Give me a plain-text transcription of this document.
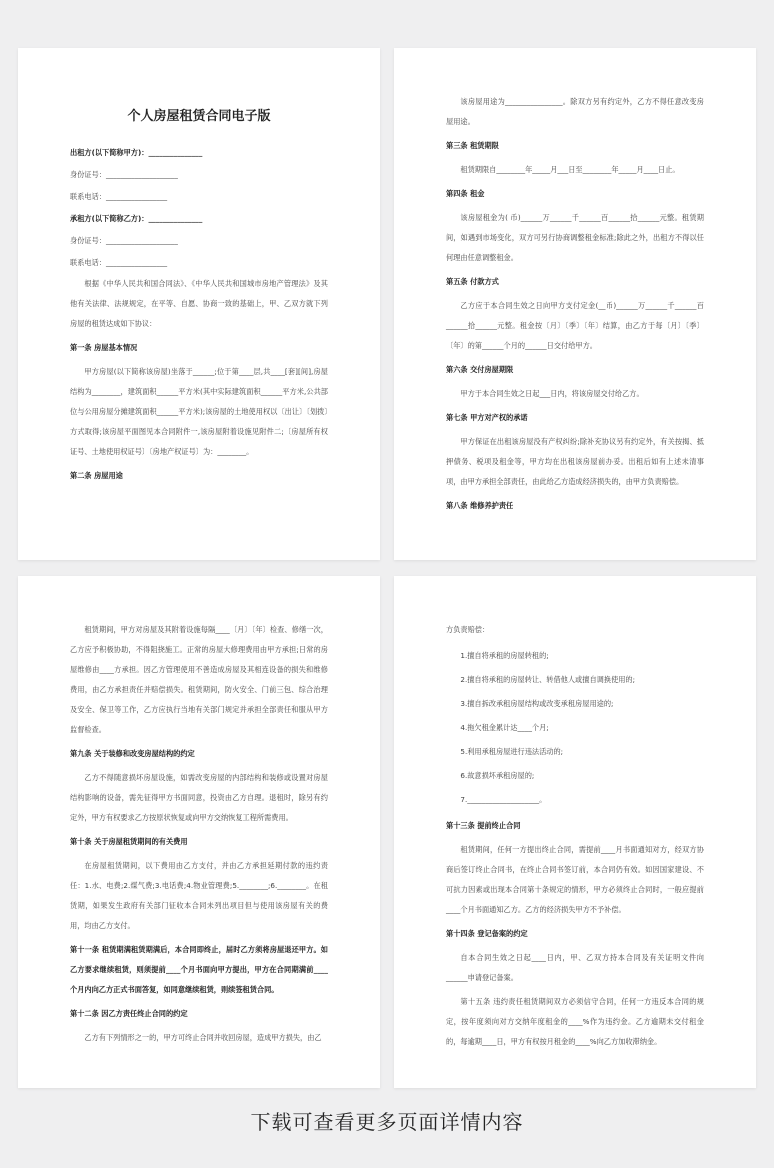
个人房屋租赁合同电子版
出租方(以下简称甲方)：_______________
身份证号：____________________
联系电话：_________________
承租方(以下简称乙方)：_______________
身份证号：____________________
联系电话：_________________
根据《中华人民共和国合同法》、《中华人民共和国城市房地产管理法》及其他有关法律、法规规定，在平等、自愿、协商一致的基础上，甲、乙双方就下列房屋的租赁达成如下协议：
第一条 房屋基本情况
甲方房屋(以下简称该房屋)坐落于______;位于第____层,共____[套][间],房屋结构为________，建筑面积______平方米(其中实际建筑面积______平方米,公共部位与公用房屋分摊建筑面积______平方米);该房屋的土地使用权以〔出让〕〔划拨〕方式取得;该房屋平面图见本合同附件一,该房屋附着设施见附件二;〔房屋所有权证号、土地使用权证号〕〔房地产权证号〕为：________。
第二条 房屋用途
该房屋用途为________________。除双方另有约定外，乙方不得任意改变房屋用途。
第三条 租赁期限
租赁期限自________年_____月___日至________年_____月____日止。
第四条 租金
该房屋租金为( 币)______万______千______百______拾______元整。租赁期间，如遇到市场变化，双方可另行协商调整租金标准;除此之外，出租方不得以任何理由任意调整租金。
第五条 付款方式
乙方应于本合同生效之日向甲方支付定金(__币)______万______千______百______拾______元整。租金按〔月〕〔季〕〔年〕结算，由乙方于每〔月〕〔季〕〔年〕的第______个月的______日交付给甲方。
第六条 交付房屋期限
甲方于本合同生效之日起___日内，将该房屋交付给乙方。
第七条 甲方对产权的承诺
甲方保证在出租该房屋没有产权纠纷;除补充协议另有约定外，有关按揭、抵押债务、税项及租金等，甲方均在出租该房屋前办妥。出租后如有上述未清事项，由甲方承担全部责任，由此给乙方造成经济损失的，由甲方负责赔偿。
第八条 维修养护责任
租赁期间，甲方对房屋及其附着设施每隔____〔月〕〔年〕检查、修缮一次，乙方应予积极协助，不得阻挠施工。正常的房屋大修理费用由甲方承担;日常的房屋维修由____方承担。因乙方管理使用不善造成房屋及其相连设备的损失和维修费用，由乙方承担责任并赔偿损失。租赁期间，防火安全、门前三包、综合治理及安全、保卫等工作，乙方应执行当地有关部门规定并承担全部责任和服从甲方监督检查。
第九条 关于装修和改变房屋结构的约定
乙方不得随意损坏房屋设施，如需改变房屋的内部结构和装修或设置对房屋结构影响的设备，需先征得甲方书面同意，投资由乙方自理。退租时，除另有约定外，甲方有权要求乙方按原状恢复或向甲方交纳恢复工程所需费用。
第十条 关于房屋租赁期间的有关费用
在房屋租赁期间，以下费用由乙方支付，并由乙方承担延期付款的违约责任：1.水、电费;2.煤气费;3.电话费;4.物业管理费;5.________;6.________。在租赁期，如果发生政府有关部门征收本合同未列出项目但与使用该房屋有关的费用，均由乙方支付。
第十一条 租赁期满租赁期满后，本合同即终止，届时乙方须将房屋退还甲方。如乙方要求继续租赁，则须提前____个月书面向甲方提出，甲方在合同期满前____个月内向乙方正式书面答复，如同意继续租赁，则续签租赁合同。
第十二条 因乙方责任终止合同的约定
乙方有下列情形之一的，甲方可终止合同并收回房屋，造成甲方损失，由乙
方负责赔偿：
1.擅自将承租的房屋转租的;
2.擅自将承租的房屋转让、转借他人或擅自调换使用的;
3.擅自拆改承租房屋结构或改变承租房屋用途的;
4.拖欠租金累计达____个月;
5.利用承租房屋进行违法活动的;
6.故意损坏承租房屋的;
7.____________________。
第十三条 提前终止合同
租赁期间，任何一方提出终止合同，需提前____月书面通知对方，经双方协商后签订终止合同书，在终止合同书签订前，本合同仍有效。如因国家建设、不可抗力因素或出现本合同第十条规定的情形，甲方必须终止合同时，一般应提前____个月书面通知乙方。乙方的经济损失甲方不予补偿。
第十四条 登记备案的约定
自本合同生效之日起____日内，甲、乙双方持本合同及有关证明文件向______申请登记备案。
第十五条 违约责任租赁期间双方必须信守合同，任何一方违反本合同的规定，按年度须向对方交纳年度租金的____%作为违约金。乙方逾期未交付租金的，每逾期____日，甲方有权按月租金的____%向乙方加收滞纳金。
下载可查看更多页面详情内容
